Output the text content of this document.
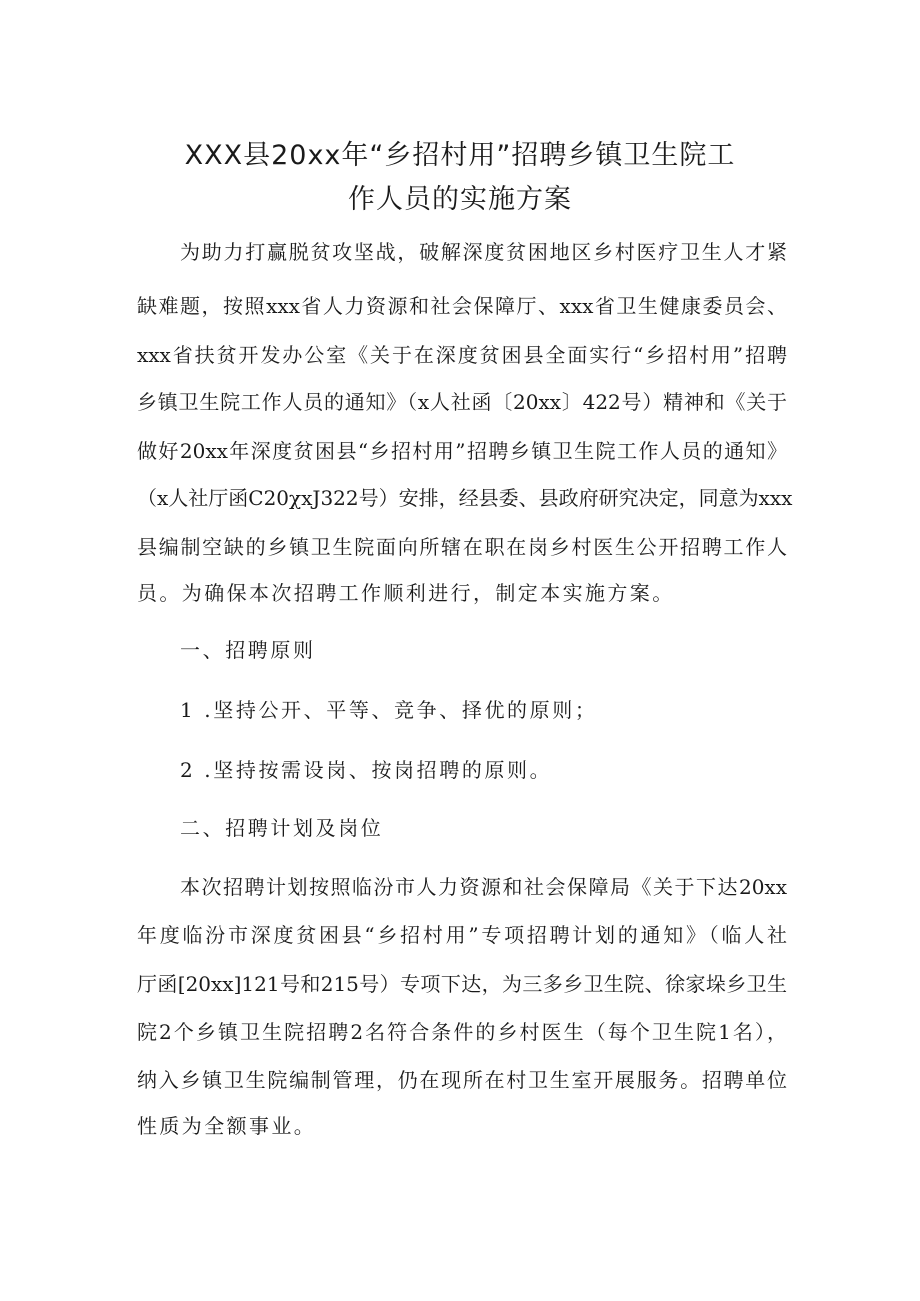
XXX县20xx年“乡招村用”招聘乡镇卫生院工
作人员的实施方案
为助力打赢脱贫攻坚战，破解深度贫困地区乡村医疗卫生人才紧
缺难题，按照xxx省人力资源和社会保障厅、xxx省卫生健康委员会、
xxx省扶贫开发办公室《关于在深度贫困县全面实行“乡招村用”招聘
乡镇卫生院工作人员的通知》（x人社函〔20xx〕422号）精神和《关于
做好20xx年深度贫困县“乡招村用”招聘乡镇卫生院工作人员的通知》
（x人社厅函C20χxJ322号）安排，经县委、县政府研究决定，同意为xxx
县编制空缺的乡镇卫生院面向所辖在职在岗乡村医生公开招聘工作人
员。为确保本次招聘工作顺利进行，制定本实施方案。
一、招聘原则
1 .坚持公开、平等、竞争、择优的原则；
2 .坚持按需设岗、按岗招聘的原则。
二、招聘计划及岗位
本次招聘计划按照临汾市人力资源和社会保障局《关于下达20xx
年度临汾市深度贫困县“乡招村用”专项招聘计划的通知》（临人社
厅函[20xx]121号和215号）专项下达，为三多乡卫生院、徐家垛乡卫生
院2个乡镇卫生院招聘2名符合条件的乡村医生（每个卫生院1名），
纳入乡镇卫生院编制管理，仍在现所在村卫生室开展服务。招聘单位
性质为全额事业。
